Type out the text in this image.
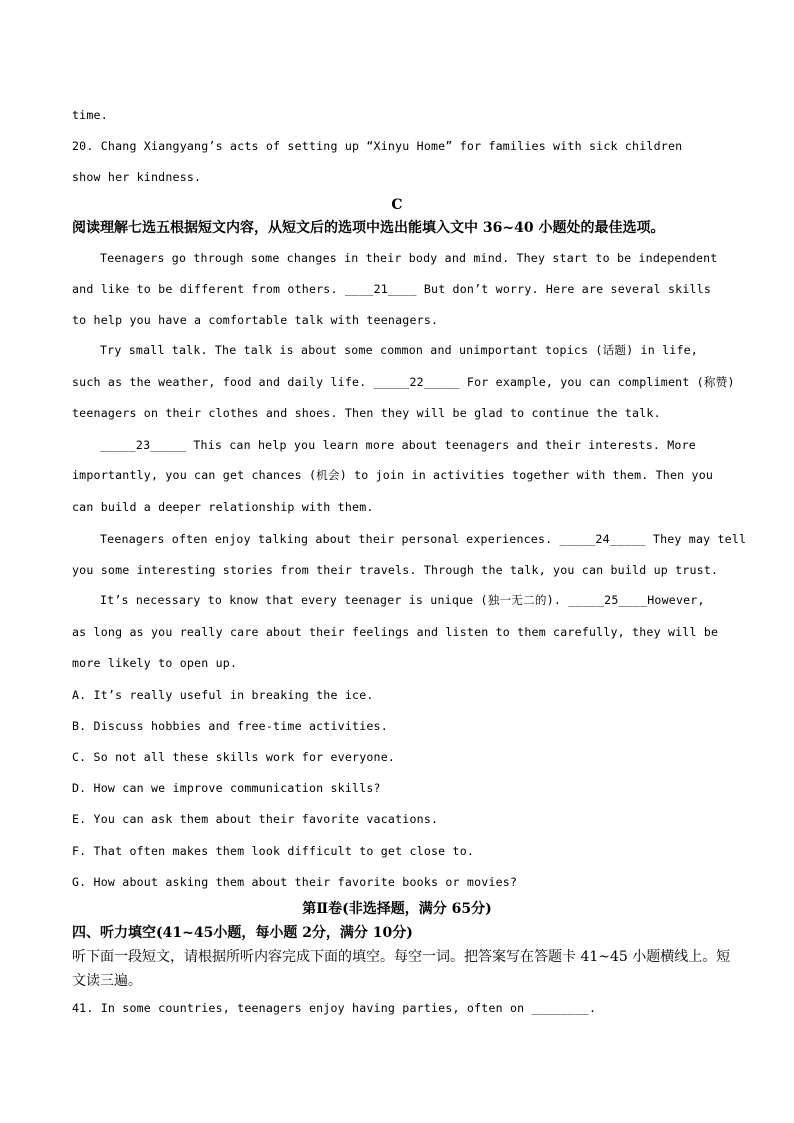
time.
20. Chang Xiangyang’s acts of setting up “Xinyu Home” for families with sick children
show her kindness.
C
阅读理解七选五根据短文内容，从短文后的选项中选出能填入文中 36~40 小题处的最佳选项。
Teenagers go through some changes in their body and mind. They start to be independent
and like to be different from others. ____21____ But don’t worry. Here are several skills
to help you have a comfortable talk with teenagers.
Try small talk. The talk is about some common and unimportant topics (话题) in life,
such as the weather, food and daily life. _____22_____ For example, you can compliment (称赞)
teenagers on their clothes and shoes. Then they will be glad to continue the talk.
_____23_____ This can help you learn more about teenagers and their interests. More
importantly, you can get chances (机会) to join in activities together with them. Then you
can build a deeper relationship with them.
Teenagers often enjoy talking about their personal experiences. _____24_____ They may tell
you some interesting stories from their travels. Through the talk, you can build up trust.
It’s necessary to know that every teenager is unique (独一无二的). _____25____However,
as long as you really care about their feelings and listen to them carefully, they will be
more likely to open up.
A. It’s really useful in breaking the ice.
B. Discuss hobbies and free-time activities.
C. So not all these skills work for everyone.
D. How can we improve communication skills?
E. You can ask them about their favorite vacations.
F. That often makes them look difficult to get close to.
G. How about asking them about their favorite books or movies?
第Ⅱ卷(非选择题，满分 65分)
四、听力填空(41~45小题，每小题 2分，满分 10分)
听下面一段短文，请根据所听内容完成下面的填空。每空一词。把答案写在答题卡 41~45 小题横线上。短
文读三遍。
41. In some countries, teenagers enjoy having parties, often on ________.
